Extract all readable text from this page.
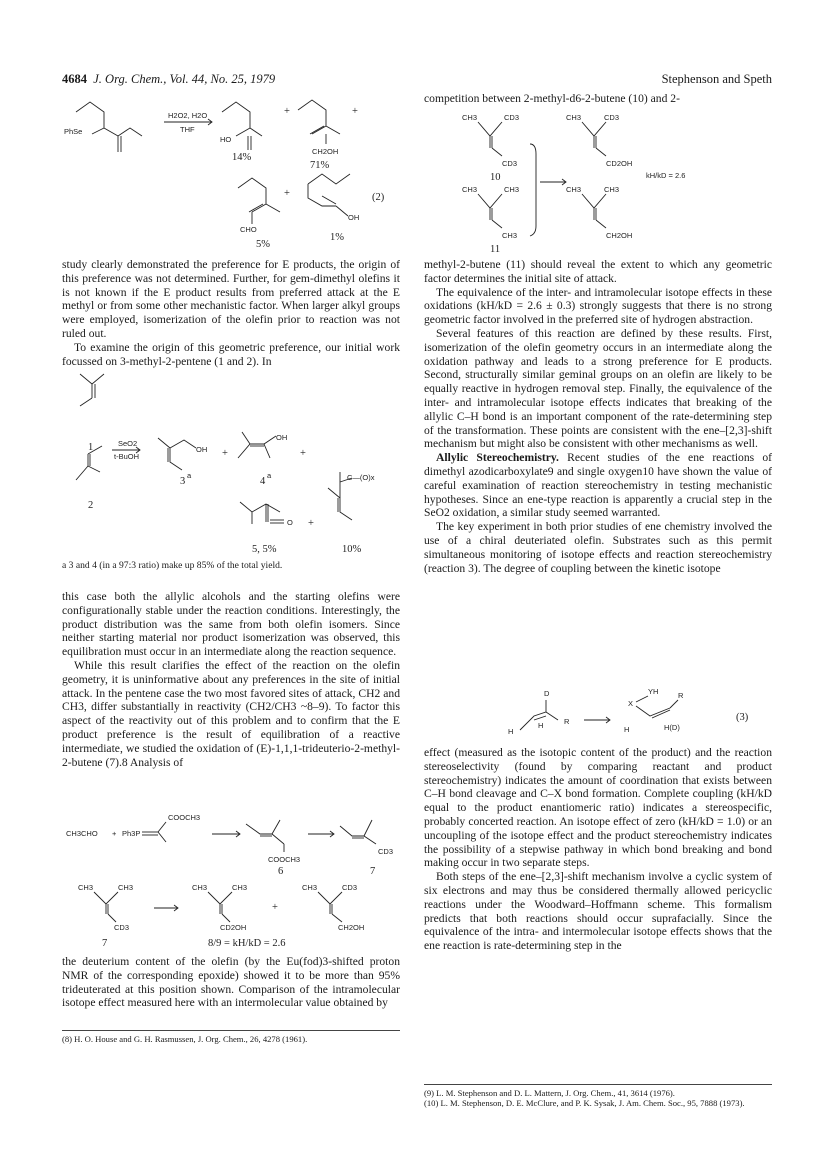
4684 J. Org. Chem., Vol. 44, No. 25, 1979	Stephenson and Speth
PhSe
H2O2, H2O
THF
HO
+
CH2OH
+
14%
71%
CHO
+
OH
(2)
5%
1%

study clearly demonstrated the preference for E products, the origin of this preference was not determined. Further, for gem-dimethyl olefins it is not known if the E product results from preferred attack at the E methyl or from some other mechanistic factor. When larger alkyl groups were employed, isomerization of the olefin prior to reaction was not ruled out.

To examine the origin of this geometric preference, our initial work focussed on 3-methyl-2-pentene (1 and 2). In

1
2
SeO2
t-BuOH
OH
3
a
+
OH
4
a
+
O +
C—(O)x
5, 5%	10%
a 3 and 4 (in a 97:3 ratio) make up 85% of the total yield.

this case both the allylic alcohols and the starting olefins were configurationally stable under the reaction conditions. Interestingly, the product distribution was the same from both olefin isomers. Since neither starting material nor product isomerization was observed, this equilibration must occur in an intermediate along the reaction sequence.

While this result clarifies the effect of the reaction on the olefin geometry, it is uninformative about any preferences in the site of initial attack. In the pentene case the two most favored sites of attack, CH2 and CH3, differ substantially in reactivity (CH2/CH3 ~8–9). To factor this aspect of the reactivity out of this problem and to confirm that the E product preference is the result of equilibration of a reactive intermediate, we studied the oxidation of (E)-1,1,1-trideuterio-2-methyl-2-butene (7).8 Analysis of

CH3CHO + Ph3P
COOCH3
COOCH3
6
CD3
7
CH3	CH3
CD3
CH3	CH3
CD2OH
+
CH3	CD3
CH2OH
7	8/9 = kH/kD = 2.6

the deuterium content of the olefin (by the Eu(fod)3-shifted proton NMR of the corresponding epoxide) showed it to be more than 95% trideuterated at this position shown. Comparison of the intramolecular isotope effect measured here with an intermolecular value obtained by

(8) H. O. House and G. H. Rasmussen, J. Org. Chem., 26, 4278 (1961).

competition between 2-methyl-d6-2-butene (10) and 2-

CH3	CD3
CD3
CH3	CD3
CD2OH
10	kH/kD = 2.6
CH3	CH3
CH3
CH3	CH3
CH2OH
11

methyl-2-butene (11) should reveal the extent to which any geometric factor determines the initial site of attack.

The equivalence of the inter- and intramolecular isotope effects in these oxidations (kH/kD = 2.6 ± 0.3) strongly suggests that there is no strong geometric factor involved in the preferred site of hydrogen abstraction.

Several features of this reaction are defined by these results. First, isomerization of the olefin geometry occurs in an intermediate along the oxidation pathway and leads to a strong preference for E products. Second, structurally similar geminal groups on an olefin are likely to be equally reactive in hydrogen removal step. Finally, the equivalence of the inter- and intramolecular isotope effects indicates that breaking of the allylic C–H bond is an important component of the rate-determining step of the transformation. These points are consistent with the ene–[2,3]-shift mechanism but might also be consistent with other mechanisms as well.

Allylic Stereochemistry. Recent studies of the ene reactions of dimethyl azodicarboxylate9 and single oxygen10 have shown the value of careful examination of reaction stereochemistry in testing mechanistic hypotheses. Since an ene-type reaction is apparently a crucial step in the SeO2 oxidation, a similar study seemed warranted.

The key experiment in both prior studies of ene chemistry involved the use of a chiral deuteriated olefin. Substrates such as this permit simultaneous monitoring of isotope effects and reaction stereochemistry (reaction 3). The degree of coupling between the kinetic isotope

D
R
H
H
X
YH	R
H	H(D)
(3)

effect (measured as the isotopic content of the product) and the reaction stereoselectivity (found by comparing reactant and product stereochemistry) indicates the amount of coordination that exists between C–H bond cleavage and C–X bond formation. Complete coupling (kH/kD equal to the product enantiomeric ratio) indicates a stereospecific, probably concerted reaction. An isotope effect of zero (kH/kD = 1.0) or an uncoupling of the isotope effect and the product stereochemistry indicates the possibility of a stepwise pathway in which bond breaking and bond making occur in two separate steps.

Both steps of the ene–[2,3]-shift mechanism involve a cyclic system of six electrons and may thus be considered thermally allowed pericyclic reactions under the Woodward–Hoffmann scheme. This formalism predicts that both reactions should occur suprafacially. Since the equivalence of the intra- and intermolecular isotope effects shows that the ene reaction is rate-determining step in the

(9) L. M. Stephenson and D. L. Mattern, J. Org. Chem., 41, 3614 (1976).

(10) L. M. Stephenson, D. E. McClure, and P. K. Sysak, J. Am. Chem. Soc., 95, 7888 (1973).
